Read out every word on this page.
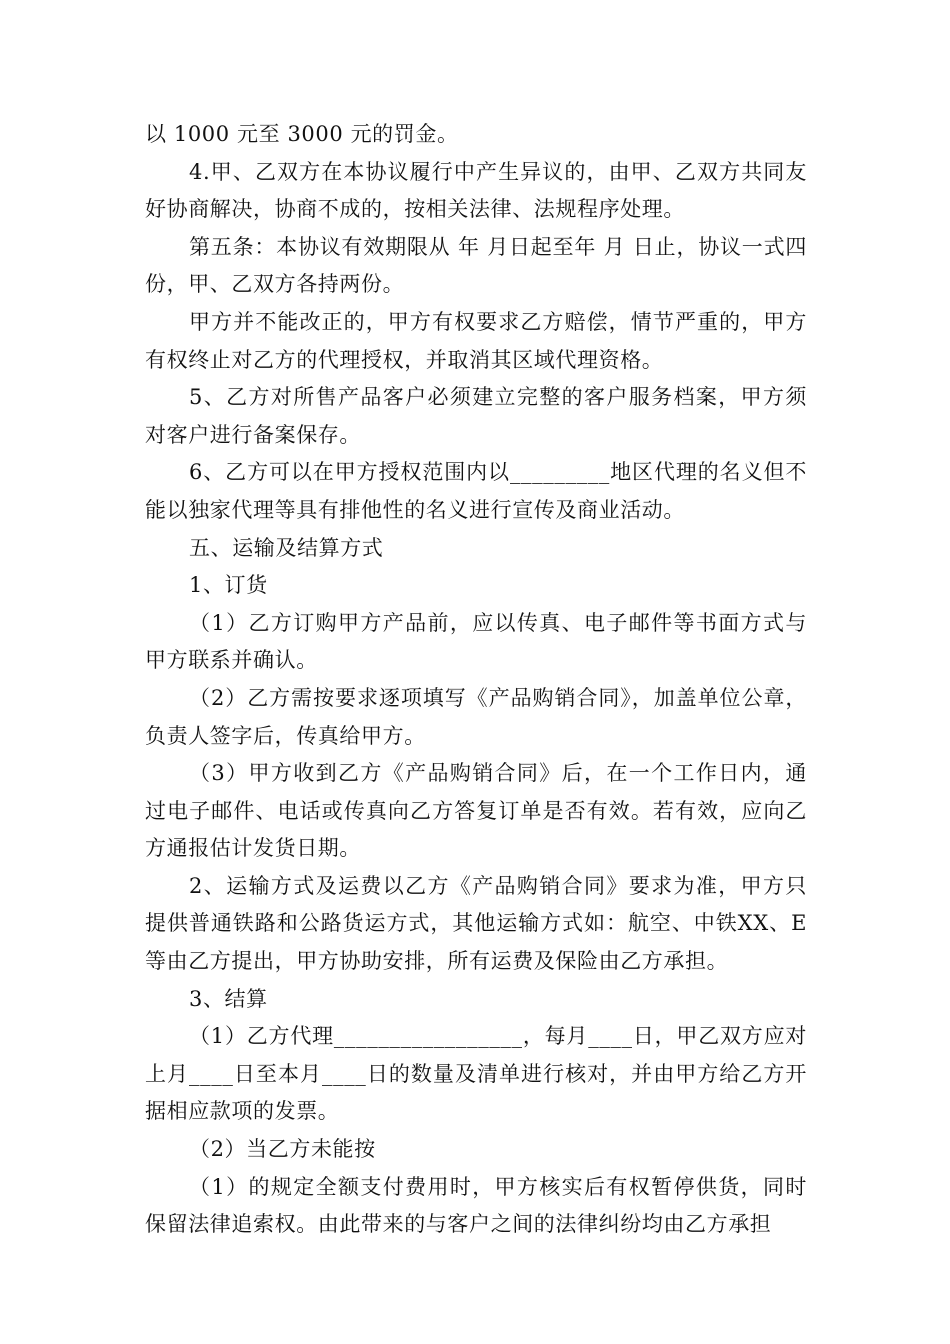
以 1000 元至 3000 元的罚金。

4.甲、乙双方在本协议履行中产生异议的，由甲、乙双方共同友好协商解决，协商不成的，按相关法律、法规程序处理。

第五条：本协议有效期限从 年 月日起至年 月 日止，协议一式四份，甲、乙双方各持两份。

甲方并不能改正的，甲方有权要求乙方赔偿，情节严重的，甲方有权终止对乙方的代理授权，并取消其区域代理资格。

5、乙方对所售产品客户必须建立完整的客户服务档案，甲方须对客户进行备案保存。

6、乙方可以在甲方授权范围内以_________地区代理的名义但不能以独家代理等具有排他性的名义进行宣传及商业活动。

五、运输及结算方式

1、订货

（1）乙方订购甲方产品前，应以传真、电子邮件等书面方式与甲方联系并确认。

（2）乙方需按要求逐项填写《产品购销合同》，加盖单位公章，负责人签字后，传真给甲方。

（3）甲方收到乙方《产品购销合同》后，在一个工作日内，通过电子邮件、电话或传真向乙方答复订单是否有效。若有效，应向乙方通报估计发货日期。

2、运输方式及运费以乙方《产品购销合同》要求为准，甲方只提供普通铁路和公路货运方式，其他运输方式如：航空、中铁XX、E 等由乙方提出，甲方协助安排，所有运费及保险由乙方承担。

3、结算

（1）乙方代理_________________，每月____日，甲乙双方应对上月____日至本月____日的数量及清单进行核对，并由甲方给乙方开据相应款项的发票。

（2）当乙方未能按

（1）的规定全额支付费用时，甲方核实后有权暂停供货，同时保留法律追索权。由此带来的与客户之间的法律纠纷均由乙方承担
